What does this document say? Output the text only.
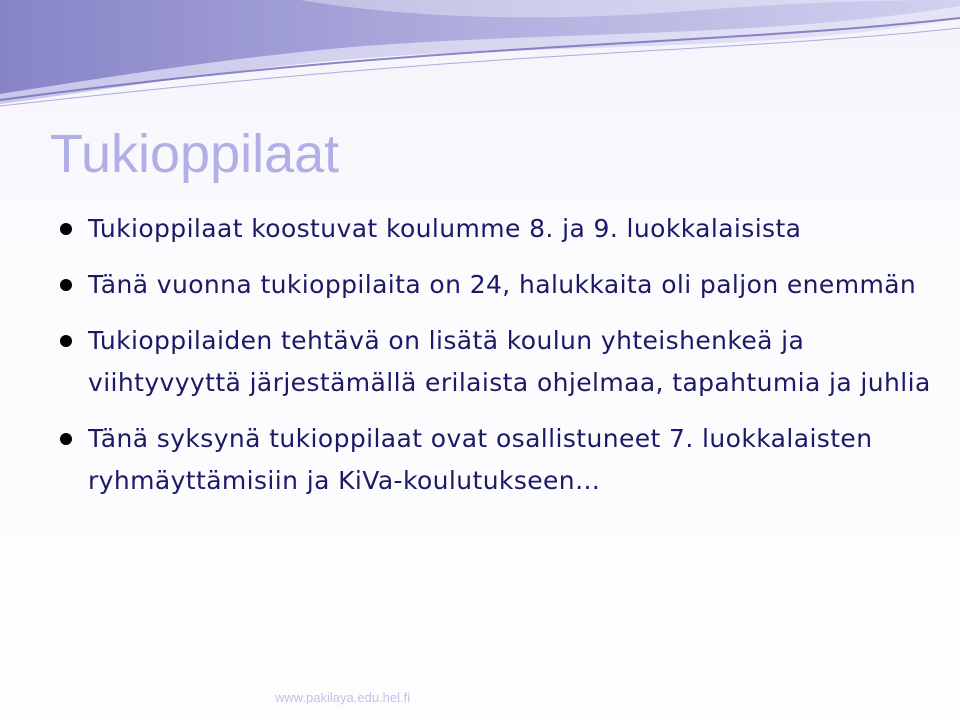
Tukioppilaat
Tukioppilaat koostuvat koulumme 8. ja 9. luokkalaisista
Tänä vuonna tukioppilaita on 24, halukkaita oli paljon enemmän
Tukioppilaiden tehtävä on lisätä koulun yhteishenkeä ja viihtyvyyttä järjestämällä erilaista ohjelmaa, tapahtumia ja juhlia
Tänä syksynä tukioppilaat ovat osallistuneet 7. luokkalaisten ryhmäyttämisiin ja KiVa-koulutukseen…
www.pakilaya.edu.hel.fi
